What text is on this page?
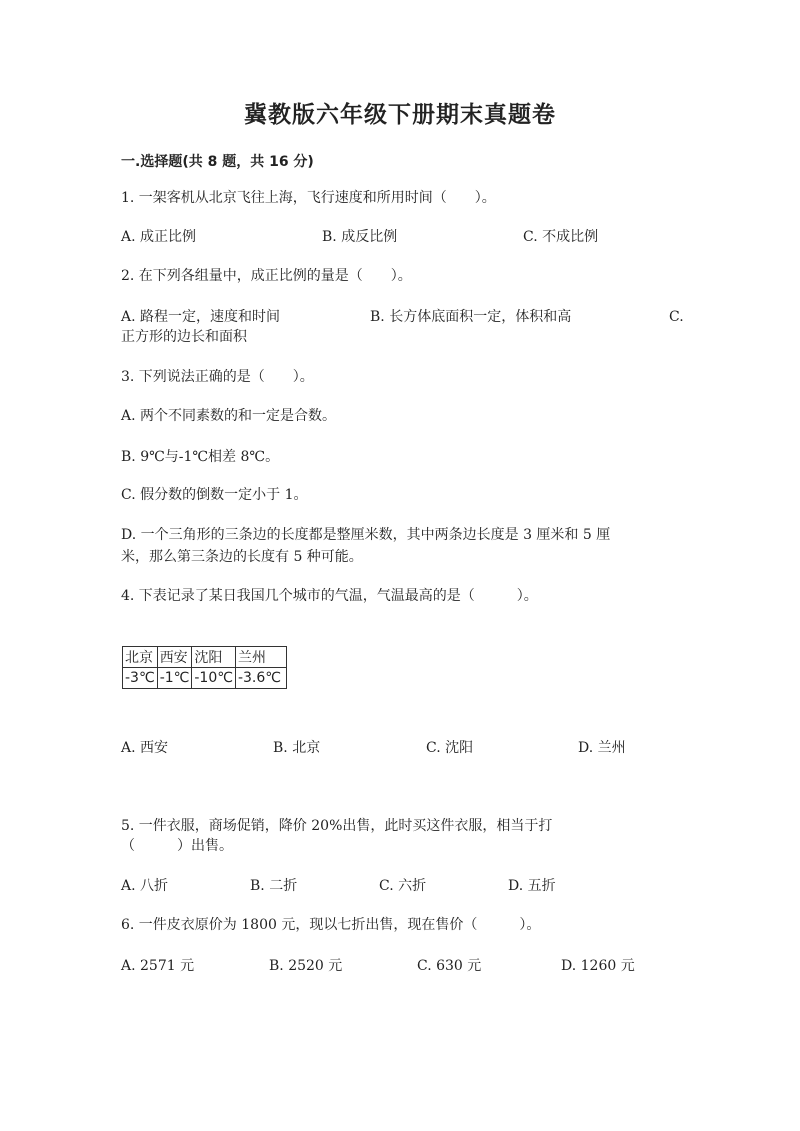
冀教版六年级下册期末真题卷
一.选择题(共 8 题，共 16 分)
1. 一架客机从北京飞往上海，飞行速度和所用时间（　　）。
A. 成正比例	B. 成反比例	C. 不成比例
2. 在下列各组量中，成正比例的量是（　　）。
A. 路程一定，速度和时间	B. 长方体底面积一定，体积和高	C.
正方形的边长和面积
3. 下列说法正确的是（　　）。
A. 两个不同素数的和一定是合数。
B. 9℃与-1℃相差 8℃。
C. 假分数的倒数一定小于 1。
D. 一个三角形的三条边的长度都是整厘米数，其中两条边长度是 3 厘米和 5 厘
米，那么第三条边的长度有 5 种可能。
4. 下表记录了某日我国几个城市的气温，气温最高的是（　　　）。
北京	西安	沈阳	兰州
-3℃	-1℃	-10℃	-3.6℃
A. 西安	B. 北京	C. 沈阳	D. 兰州
5. 一件衣服，商场促销，降价 20%出售，此时买这件衣服，相当于打
（　　　）出售。
A. 八折	B. 二折	C. 六折	D. 五折
6. 一件皮衣原价为 1800 元，现以七折出售，现在售价（　　　）。
A. 2571 元	B. 2520 元	C. 630 元	D. 1260 元
